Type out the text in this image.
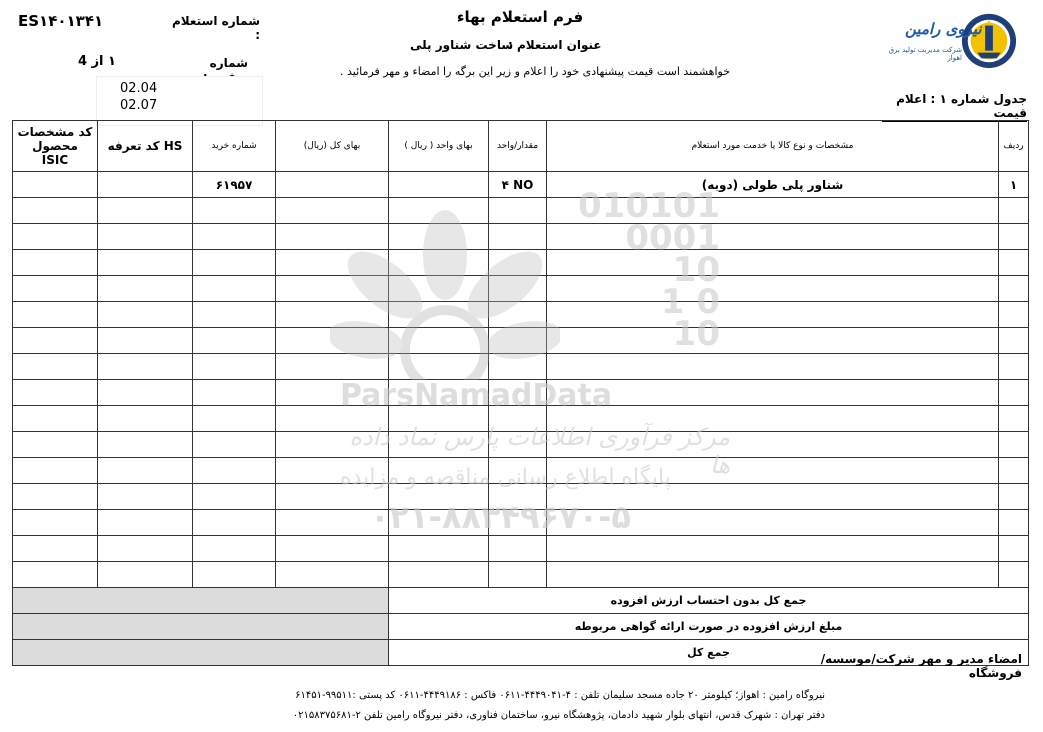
نیروی رامین
شرکت مدیریت تولید برق اهواز
فرم استعلام بهاء
عنوان استعلام :
ساخت شناور پلی
خواهشمند است قیمت پیشنهادی خود را اعلام و زیر این برگه را امضاء و مهر فرمائید .
شماره استعلام :
ES۱۴۰۱۳۴۱
شماره
۱ از 4
02.04
02.07	جدول شماره ۱ : اعلام قیمت
کد مشخصات محصول ISIC	کد تعرفه HS	شماره خرید	بهای کل (ریال)	بهای واحد ( ریال )	مقدار/واحد	مشخصات و نوع کالا یا خدمت مورد استعلام	ردیف
		۶۱۹۵۷			۴ NO	شناور پلی طولی (دوبه)	۱

				جمع کل بدون احتساب ارزش افزوده			
				مبلغ ارزش افزوده در صورت ارائه گواهی مربوطه			
				جمع کل			
010101
0001
10
1 0
10
ParsNamadData
مرکز فرآوری اطلاعات پارس نماد داده ها
پایگاه اطلاع رسانی مناقصه و مزایده
۰۲۱-۸۸۳۴۹۶۷۰-۵
امضاء مدیر و مهر شرکت/موسسه/فروشگاه
نیروگاه رامین : اهواز؛ کیلومتر ۲۰ جاده مسجد سلیمان تلفن : ۴-۴۴۴۹۰۴۱-۰۶۱۱ فاکس : ۴۴۴۹۱۸۶-۰۶۱۱ کد پستی :۹۹۵۱۱-۶۱۴۵۱
دفتر تهران : شهرک قدس، انتهای بلوار شهید دادمان، پژوهشگاه نیرو، ساختمان فناوری، دفتر نیروگاه رامین تلفن ۲-۰۲۱۵۸۳۷۵۶۸۱
